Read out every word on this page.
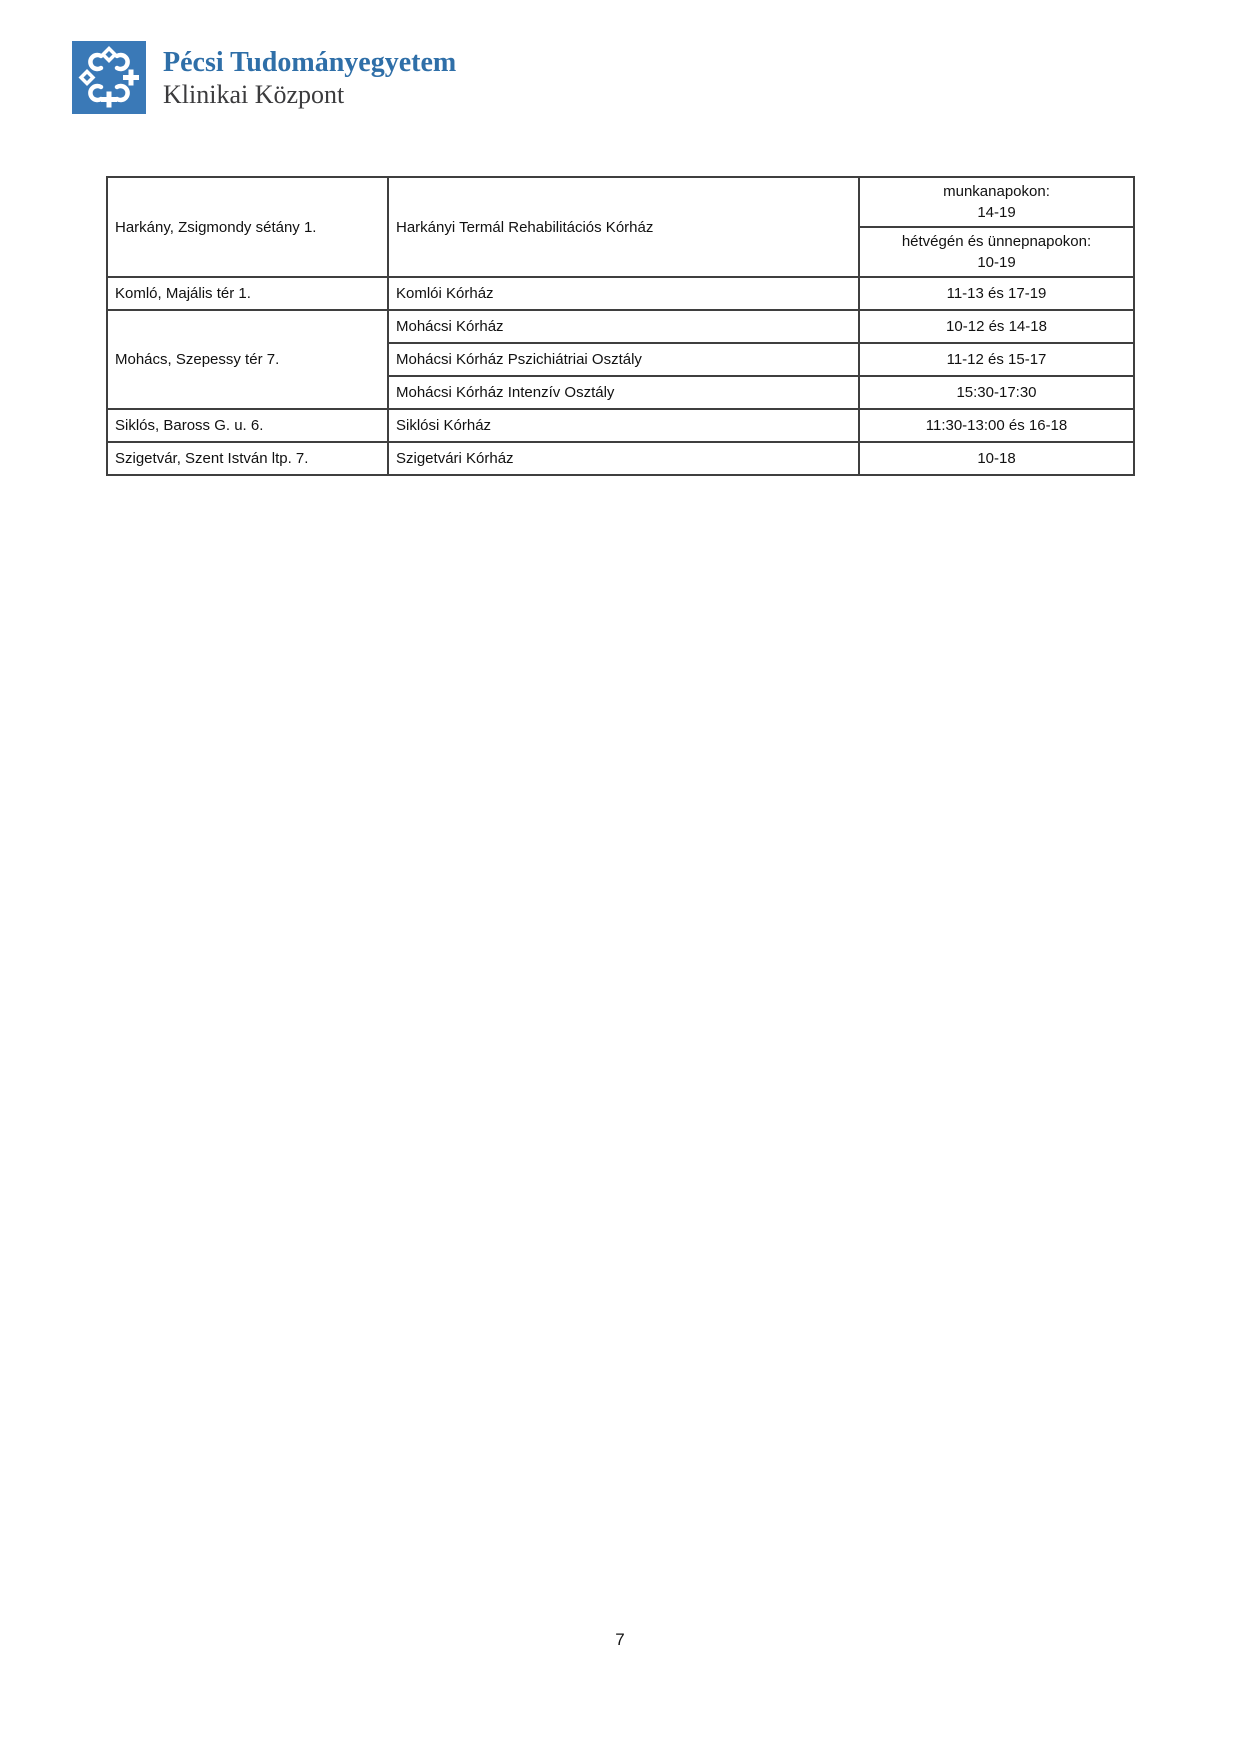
Pécsi Tudományegyetem
Klinikai Központ
Harkány, Zsigmondy sétány 1.	Harkányi Termál Rehabilitációs Kórház	munkanapokon:
14-19

		hétvégén és ünnepnapokon:
10-19

Komló, Majális tér 1.	Komlói Kórház	11-13 és 17-19
Mohács, Szepessy tér 7.	Mohácsi Kórház	10-12 és 14-18
	Mohácsi Kórház Pszichiátriai Osztály	11-12 és 15-17
	Mohácsi Kórház Intenzív Osztály	15:30-17:30
Siklós, Baross G. u. 6.	Siklósi Kórház	11:30-13:00 és 16-18
Szigetvár, Szent István ltp. 7.	Szigetvári Kórház	10-18
7
